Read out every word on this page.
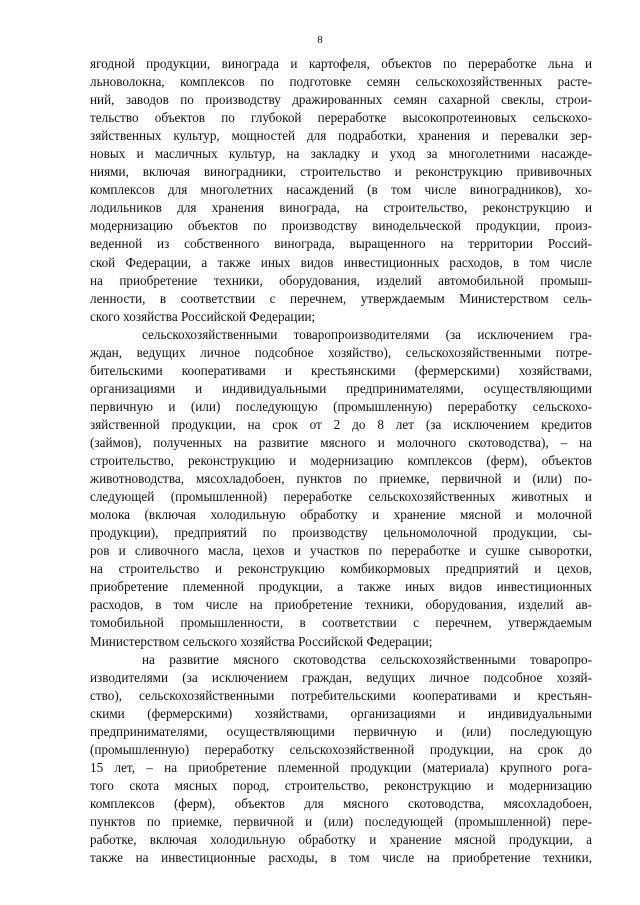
8
ягодной продукции, винограда и картофеля, объектов по переработке льна и
льноволокна, комплексов по подготовке семян сельскохозяйственных расте-
ний, заводов по производству дражированных семян сахарной свеклы, строи-
тельство объектов по глубокой переработке высокопротеиновых сельскохо-
зяйственных культур, мощностей для подработки, хранения и перевалки зер-
новых и масличных культур, на закладку и уход за многолетними насажде-
ниями, включая виноградники, строительство и реконструкцию прививочных
комплексов для многолетних насаждений (в том числе виноградников), хо-
лодильников для хранения винограда, на строительство, реконструкцию и
модернизацию объектов по производству винодельческой продукции, произ-
веденной из собственного винограда, выращенного на территории Россий-
ской Федерации, а также иных видов инвестиционных расходов, в том числе
на приобретение техники, оборудования, изделий автомобильной промыш-
ленности, в соответствии с перечнем, утверждаемым Министерством сель-
ского хозяйства Российской Федерации;
сельскохозяйственными товаропроизводителями (за исключением гра-
ждан, ведущих личное подсобное хозяйство), сельскохозяйственными потре-
бительскими кооперативами и крестьянскими (фермерскими) хозяйствами,
организациями и индивидуальными предпринимателями, осуществляющими
первичную и (или) последующую (промышленную) переработку сельскохо-
зяйственной продукции, на срок от 2 до 8 лет (за исключением кредитов
(займов), полученных на развитие мясного и молочного скотоводства), – на
строительство, реконструкцию и модернизацию комплексов (ферм), объектов
животноводства, мясохладобоен, пунктов по приемке, первичной и (или) по-
следующей (промышленной) переработке сельскохозяйственных животных и
молока (включая холодильную обработку и хранение мясной и молочной
продукции), предприятий по производству цельномолочной продукции, сы-
ров и сливочного масла, цехов и участков по переработке и сушке сыворотки,
на строительство и реконструкцию комбикормовых предприятий и цехов,
приобретение племенной продукции, а также иных видов инвестиционных
расходов, в том числе на приобретение техники, оборудования, изделий ав-
томобильной промышленности, в соответствии с перечнем, утверждаемым
Министерством сельского хозяйства Российской Федерации;
на развитие мясного скотоводства сельскохозяйственными товаропро-
изводителями (за исключением граждан, ведущих личное подсобное хозяй-
ство), сельскохозяйственными потребительскими кооперативами и крестьян-
скими (фермерскими) хозяйствами, организациями и индивидуальными
предпринимателями, осуществляющими первичную и (или) последующую
(промышленную) переработку сельскохозяйственной продукции, на срок до
15 лет, – на приобретение племенной продукции (материала) крупного рога-
того скота мясных пород, строительство, реконструкцию и модернизацию
комплексов (ферм), объектов для мясного скотоводства, мясохладобоен,
пунктов по приемке, первичной и (или) последующей (промышленной) пере-
работке, включая холодильную обработку и хранение мясной продукции, а
также на инвестиционные расходы, в том числе на приобретение техники,
